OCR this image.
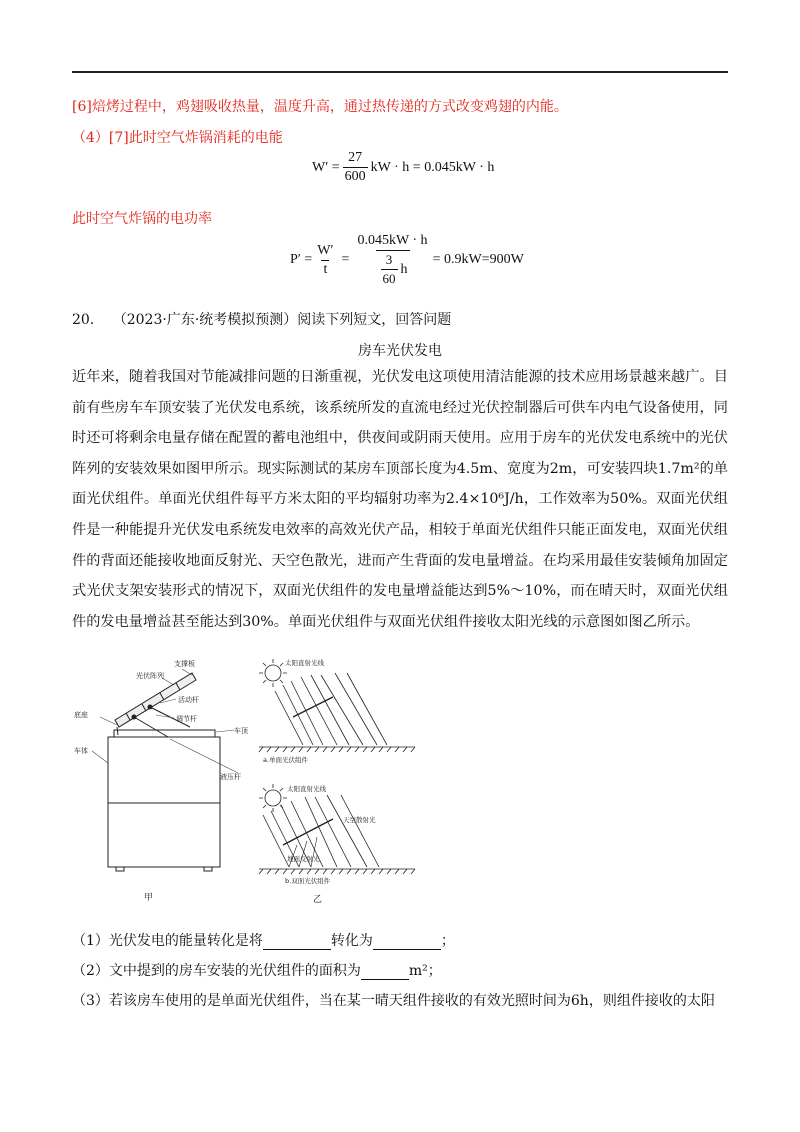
[6]焙烤过程中，鸡翅吸收热量，温度升高，通过热传递的方式改变鸡翅的内能。
（4）[7]此时空气炸锅消耗的电能
$W' = \frac{27}{600}$ kW · h = 0.045kW · h
此时空气炸锅的电功率
$P' = \frac{W'}{t} = \frac{0.045kW \cdot h}{\frac{3}{60} h} = 0.9kW=900W$
20． （2023·广东·统考模拟预测）阅读下列短文，回答问题
房车光伏发电

近年来，随着我国对节能减排问题的日渐重视，光伏发电这项使用清洁能源的技术应用场景越来越广。目前有些房车车顶安装了光伏发电系统，该系统所发的直流电经过光伏控制器后可供车内电气设备使用，同时还可将剩余电量存储在配置的蓄电池组中，供夜间或阴雨天使用。应用于房车的光伏发电系统中的光伏阵列的安装效果如图甲所示。现实际测试的某房车顶部长度为4.5m、宽度为2m，可安装四块1.7m²的单面光伏组件。单面光伏组件每平方米太阳的平均辐射功率为2.4×10⁶J/h，工作效率为50%。双面光伏组件是一种能提升光伏发电系统发电效率的高效光伏产品，相较于单面光伏组件只能正面发电，双面光伏组件的背面还能接收地面反射光、天空色散光，进而产生背面的发电量增益。在均采用最佳安装倾角加固定式光伏支架安装形式的情况下，双面光伏组件的发电量增益能达到5%～10%，而在晴天时，双面光伏组件的发电量增益甚至能达到30%。单面光伏组件与双面光伏组件接收太阳光线的示意图如图乙所示。

支撑板
光伏阵列
活动杆
底座	调节杆
车顶
车体
液压杆
甲
太阳直射光线
a.单面光伏组件
太阳直射光线
天空散射光
地面反射光
b.双面光伏组件
乙
（1）光伏发电的能量转化是将	转化为	；
（2）文中提到的房车安装的光伏组件的面积为	m²；
（3）若该房车使用的是单面光伏组件，当在某一晴天组件接收的有效光照时间为6h，则组件接收的太阳
